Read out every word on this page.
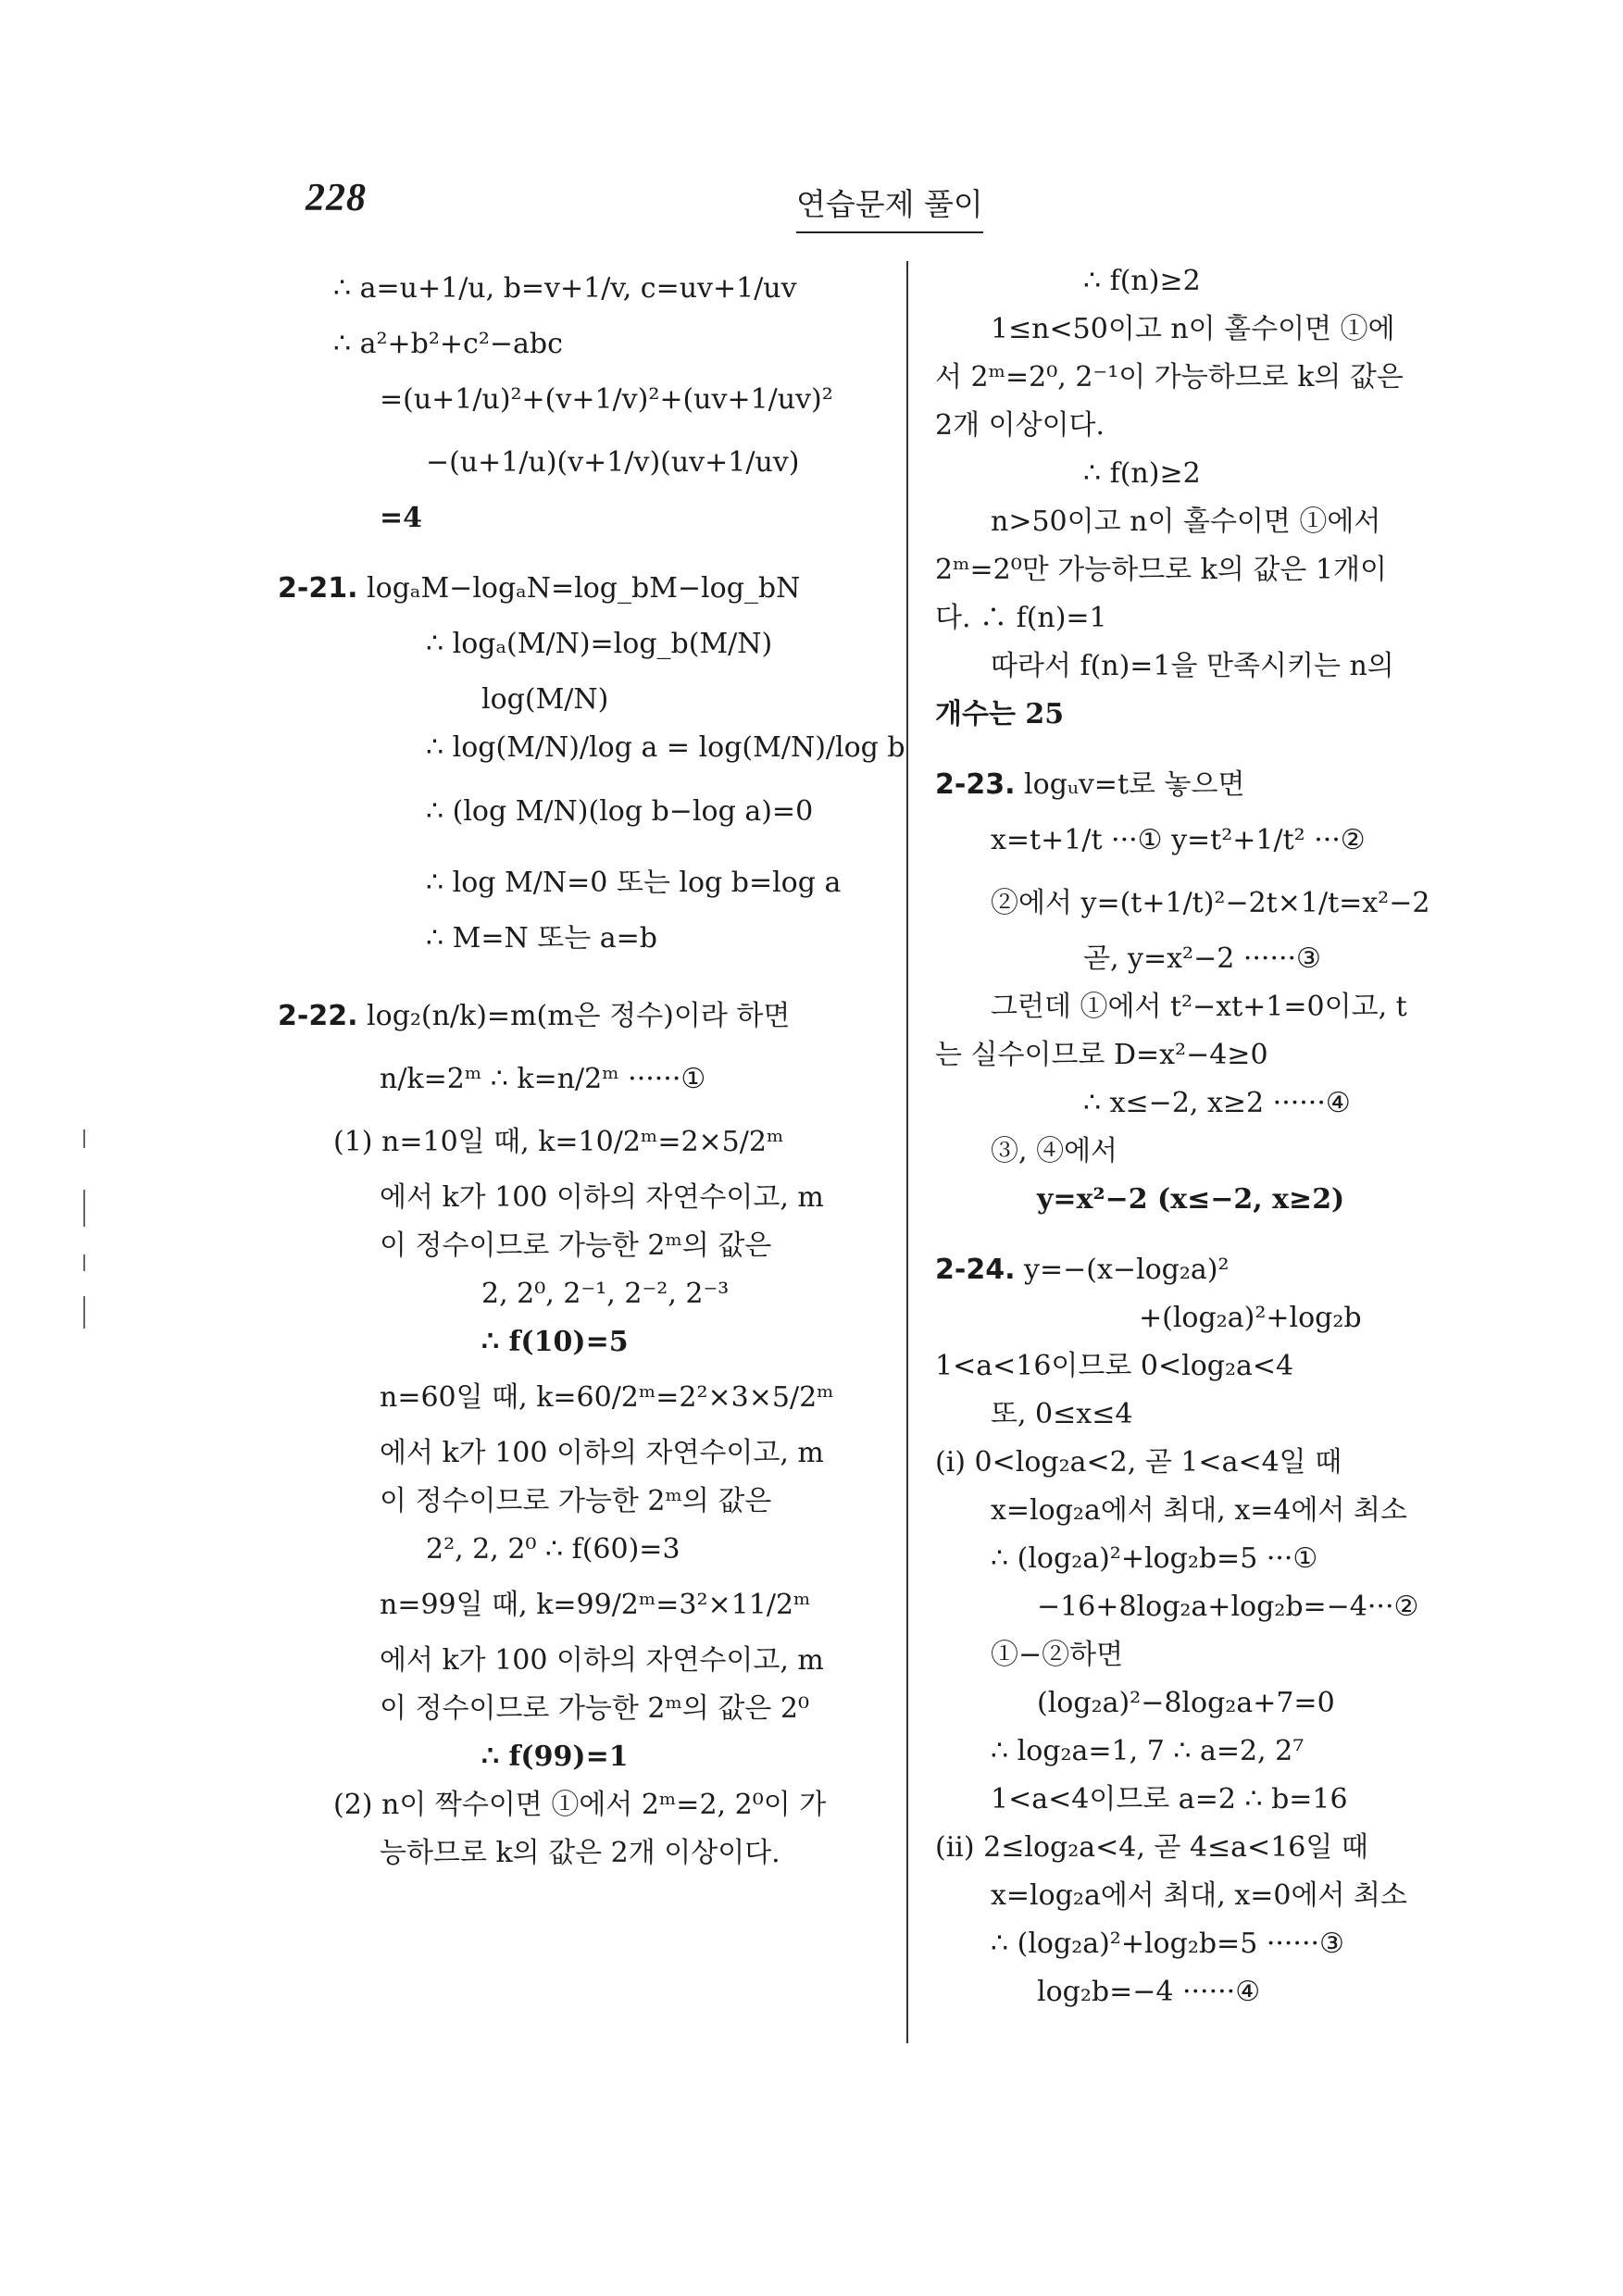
228	연습문제 풀이
∴ a=u+1/u, b=v+1/v, c=uv+1/uv
∴ a²+b²+c²−abc
=(u+1/u)²+(v+1/v)²+(uv+1/uv)²
−(u+1/u)(v+1/v)(uv+1/uv)
=4
2-21. logₐM−logₐN=log_bM−log_bN
∴ logₐ(M/N)=log_b(M/N)
log(M/N)
∴ log(M/N)/log a = log(M/N)/log b
∴ (log M/N)(log b−log a)=0
∴ log M/N=0 또는 log b=log a
∴ M=N 또는 a=b
2-22. log₂(n/k)=m(m은 정수)이라 하면
n/k=2ᵐ ∴ k=n/2ᵐ ······①
(1) n=10일 때, k=10/2ᵐ=2×5/2ᵐ
에서 k가 100 이하의 자연수이고, m
이 정수이므로 가능한 2ᵐ의 값은
2, 2⁰, 2⁻¹, 2⁻², 2⁻³
∴ f(10)=5
n=60일 때, k=60/2ᵐ=2²×3×5/2ᵐ
에서 k가 100 이하의 자연수이고, m
이 정수이므로 가능한 2ᵐ의 값은
2², 2, 2⁰ ∴ f(60)=3
n=99일 때, k=99/2ᵐ=3²×11/2ᵐ
에서 k가 100 이하의 자연수이고, m
이 정수이므로 가능한 2ᵐ의 값은 2⁰
∴ f(99)=1
(2) n이 짝수이면 ①에서 2ᵐ=2, 2⁰이 가
능하므로 k의 값은 2개 이상이다.
∴ f(n)≥2
1≤n<50이고 n이 홀수이면 ①에
서 2ᵐ=2⁰, 2⁻¹이 가능하므로 k의 값은
2개 이상이다.
∴ f(n)≥2
n>50이고 n이 홀수이면 ①에서
2ᵐ=2⁰만 가능하므로 k의 값은 1개이
다. ∴ f(n)=1
따라서 f(n)=1을 만족시키는 n의
개수는 25
2-23. logᵤv=t로 놓으면
x=t+1/t ···① y=t²+1/t² ···②
②에서 y=(t+1/t)²−2t×1/t=x²−2
곧, y=x²−2 ······③
그런데 ①에서 t²−xt+1=0이고, t
는 실수이므로 D=x²−4≥0
∴ x≤−2, x≥2 ······④
③, ④에서
y=x²−2 (x≤−2, x≥2)
2-24. y=−(x−log₂a)²
+(log₂a)²+log₂b
1<a<16이므로 0<log₂a<4
또, 0≤x≤4
(i) 0<log₂a<2, 곧 1<a<4일 때
x=log₂a에서 최대, x=4에서 최소
∴ (log₂a)²+log₂b=5 ···①
−16+8log₂a+log₂b=−4···②
①−②하면
(log₂a)²−8log₂a+7=0
∴ log₂a=1, 7 ∴ a=2, 2⁷
1<a<4이므로 a=2 ∴ b=16
(ii) 2≤log₂a<4, 곧 4≤a<16일 때
x=log₂a에서 최대, x=0에서 최소
∴ (log₂a)²+log₂b=5 ······③
log₂b=−4 ······④
